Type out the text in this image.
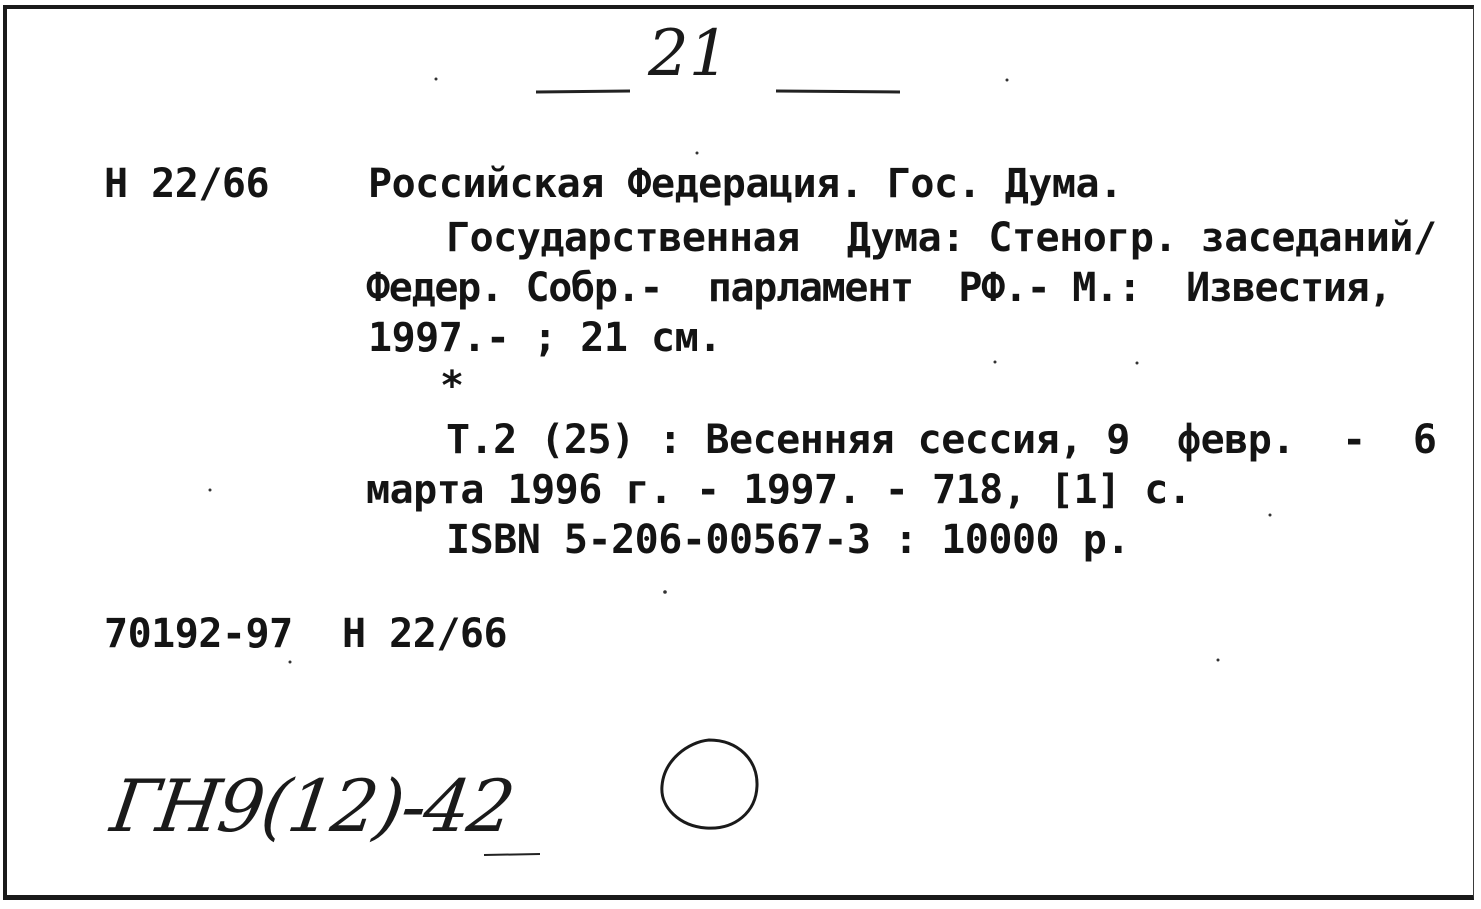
21
Н 22/66 Российская Федерация. Гос. Дума.
Государственная  Дума: Стеногр. заседаний/
Федер. Собр.-  парламент  РФ.- М.:  Известия,
1997.- ; 21 см.
*
Т.2 (25) : Весенняя сессия, 9  февр.  -  6
марта 1996 г. - 1997. - 718, [1] с.
ISBN 5-206-00567-3 : 10000 р.
70192-97 Н 22/66
ГН9(12)-42
